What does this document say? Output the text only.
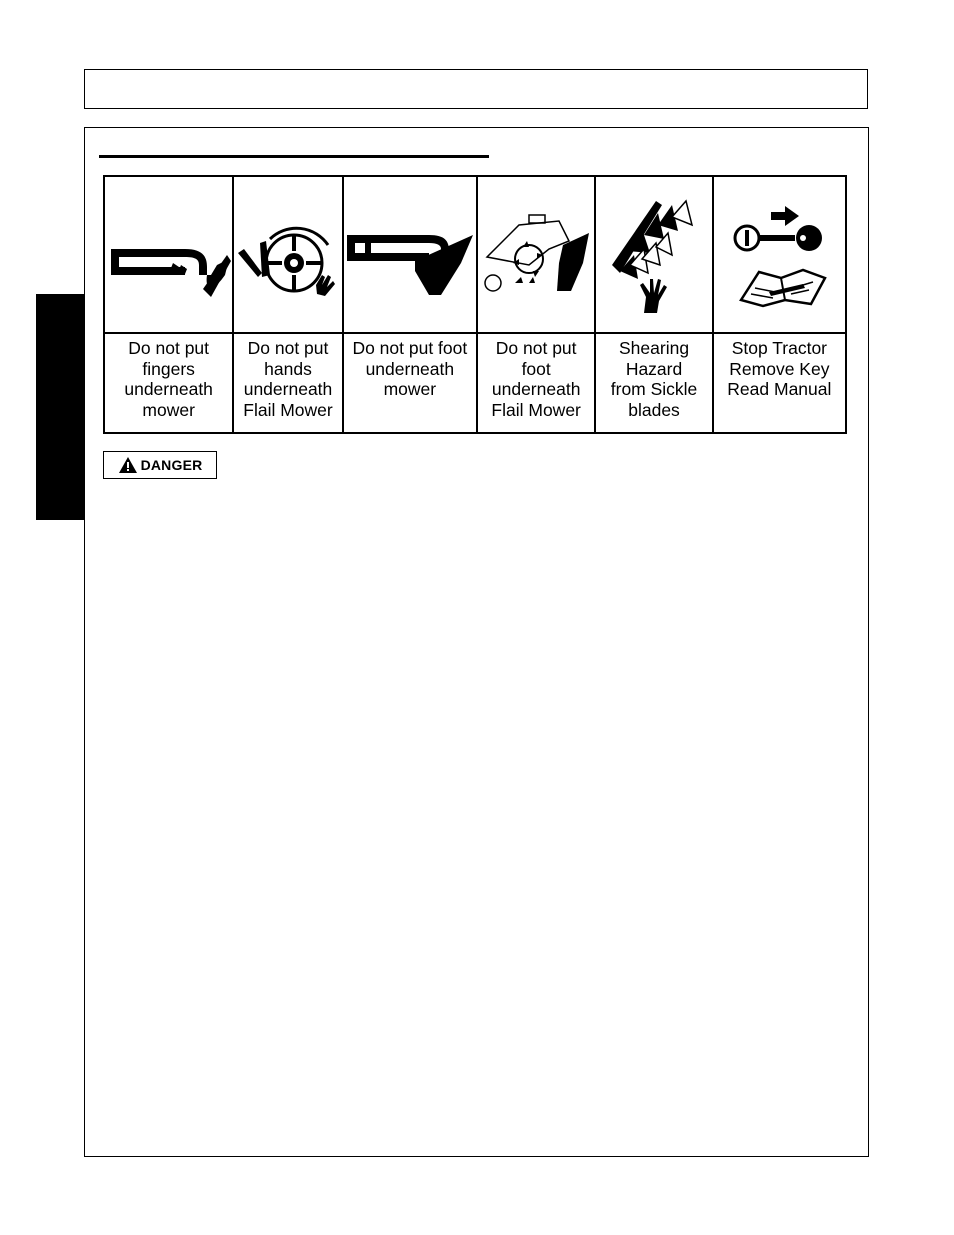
Do not put
fingers
underneath
mower
Do not put
hands
underneath
Flail Mower
Do not put foot
underneath
mower
Do not put
foot
underneath
Flail Mower
Shearing
Hazard
from Sickle
blades
Stop Tractor
Remove Key
Read Manual
DANGER
